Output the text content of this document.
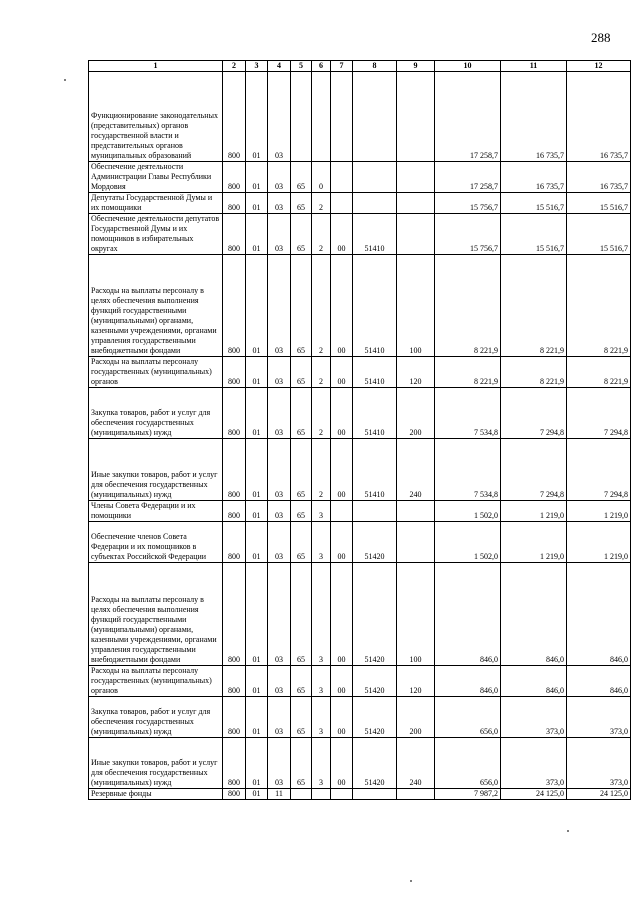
288
1	2	3	4	5	6	7	8	9	10	11	12
Функционирование законодательных (представительных) органов государственной власти и представительных органов муниципальных образований	800	01	03						17 258,7	16 735,7	16 735,7
Обеспечение деятельности Администрации Главы Республики Мордовия	800	01	03	65	0				17 258,7	16 735,7	16 735,7
Депутаты Государственной Думы и их помощники	800	01	03	65	2				15 756,7	15 516,7	15 516,7
Обеспечение деятельности депутатов Государственной Думы и их помощников в избирательных округах	800	01	03	65	2	00	51410		15 756,7	15 516,7	15 516,7
Расходы на выплаты персоналу в целях обеспечения выполнения функций государственными (муниципальными) органами, казенными учреждениями, органами управления государственными внебюджетными фондами	800	01	03	65	2	00	51410	100	8 221,9	8 221,9	8 221,9
Расходы на выплаты персоналу государственных (муниципальных) органов	800	01	03	65	2	00	51410	120	8 221,9	8 221,9	8 221,9
Закупка товаров, работ и услуг для обеспечения государственных (муниципальных) нужд	800	01	03	65	2	00	51410	200	7 534,8	7 294,8	7 294,8
Иные закупки товаров, работ и услуг для обеспечения государственных (муниципальных) нужд	800	01	03	65	2	00	51410	240	7 534,8	7 294,8	7 294,8
Члены Совета Федерации и их помощники	800	01	03	65	3				1 502,0	1 219,0	1 219,0
Обеспечение членов Совета Федерации и их помощников в субъектах Российской Федерации	800	01	03	65	3	00	51420		1 502,0	1 219,0	1 219,0
Расходы на выплаты персоналу в целях обеспечения выполнения функций государственными (муниципальными) органами, казенными учреждениями, органами управления государственными внебюджетными фондами	800	01	03	65	3	00	51420	100	846,0	846,0	846,0
Расходы на выплаты персоналу государственных (муниципальных) органов	800	01	03	65	3	00	51420	120	846,0	846,0	846,0
Закупка товаров, работ и услуг для обеспечения государственных (муниципальных) нужд	800	01	03	65	3	00	51420	200	656,0	373,0	373,0
Иные закупки товаров, работ и услуг для обеспечения государственных (муниципальных) нужд	800	01	03	65	3	00	51420	240	656,0	373,0	373,0
Резервные фонды	800	01	11						7 987,2	24 125,0	24 125,0
